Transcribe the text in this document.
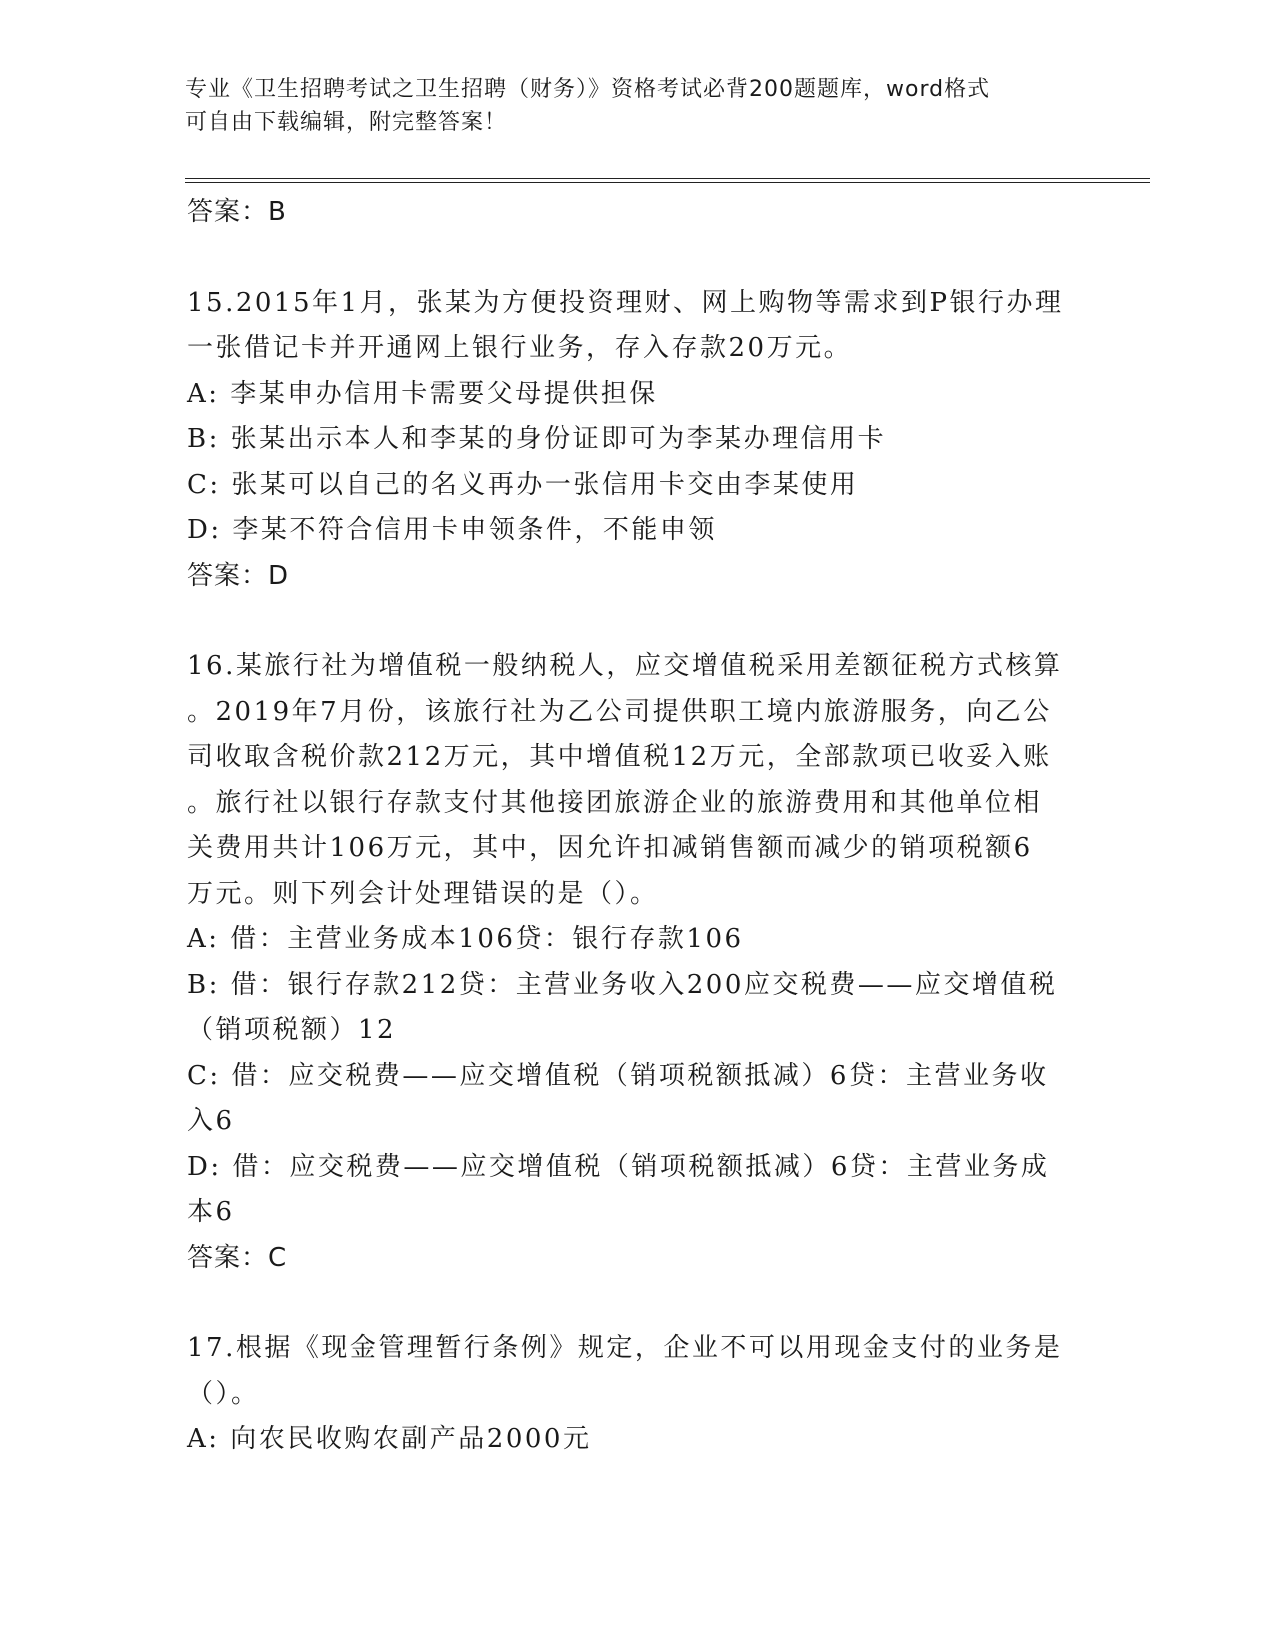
专业《卫生招聘考试之卫生招聘（财务）》资格考试必背200题题库，word格式

可自由下载编辑，附完整答案！

答案：B

15.2015年1月，张某为方便投资理财、网上购物等需求到P银行办理

一张借记卡并开通网上银行业务，存入存款20万元。

A: 李某申办信用卡需要父母提供担保

B: 张某出示本人和李某的身份证即可为李某办理信用卡

C: 张某可以自己的名义再办一张信用卡交由李某使用

D: 李某不符合信用卡申领条件，不能申领

答案：D

16.某旅行社为增值税一般纳税人，应交增值税采用差额征税方式核算

。2019年7月份，该旅行社为乙公司提供职工境内旅游服务，向乙公

司收取含税价款212万元，其中增值税12万元，全部款项已收妥入账

。旅行社以银行存款支付其他接团旅游企业的旅游费用和其他单位相

关费用共计106万元，其中，因允许扣减销售额而减少的销项税额6

万元。则下列会计处理错误的是（）。

A: 借：主营业务成本106贷：银行存款106

B: 借：银行存款212贷：主营业务收入200应交税费——应交增值税

（销项税额）12

C: 借：应交税费——应交增值税（销项税额抵减）6贷：主营业务收

入6

D: 借：应交税费——应交增值税（销项税额抵减）6贷：主营业务成

本6

答案：C

17.根据《现金管理暂行条例》规定，企业不可以用现金支付的业务是

（）。

A: 向农民收购农副产品2000元
